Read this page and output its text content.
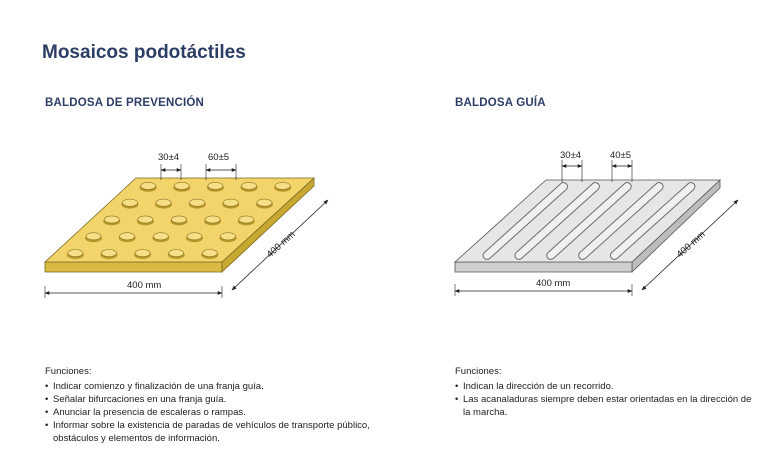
Mosaicos podotáctiles
BALDOSA DE PREVENCIÓN	BALDOSA GUÍA
30±4	60±5
400 mm
400 mm
30±4	40±5
400 mm
400 mm
Funciones:
• Indicar comienzo y finalización de una franja guía.
• Señalar bifurcaciones en una franja guía.
• Anunciar la presencia de escaleras o rampas.
• Informar sobre la existencia de paradas de vehículos de transporte público, obstáculos y elementos de información.
Funciones:
• Indican la dirección de un recorrido.
• Las acanaladuras siempre deben estar orientadas en la dirección de la marcha.
